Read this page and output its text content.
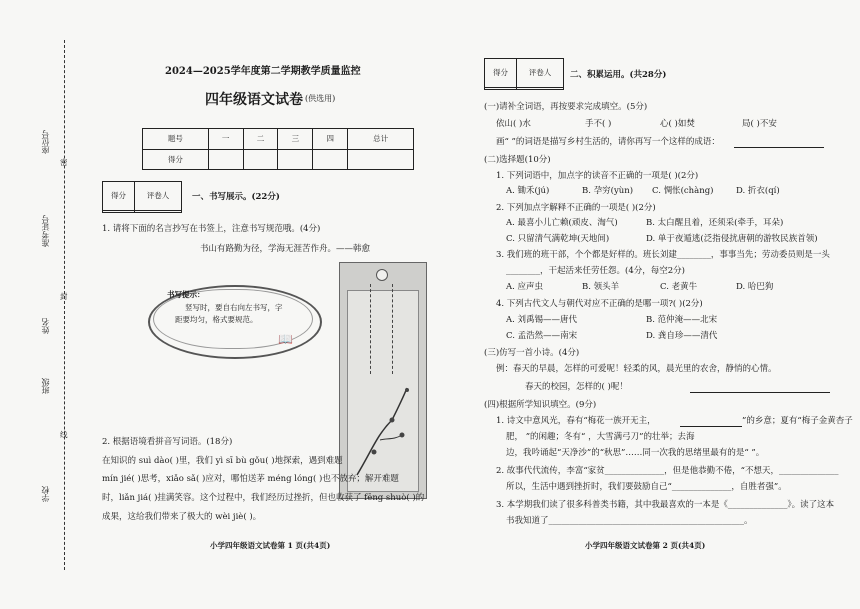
座位号
准考证号
姓名
班级
学校
密
封
线
2024—2025学年度第二学期教学质量监控
四年级语文试卷 (供选用)
题号	一	二	三	四	总计
得分					
得分	评卷人
		一、书写展示。(22分)
1. 请将下面的名言抄写在书签上，注意书写规范哦。(4分)
书山有路勤为径，学海无涯苦作舟。——韩愈
书写提示：
竖写时，要自右向左书写，字
距要均匀，格式要规范。
📖
2. 根据语境看拼音写词语。(18分)
在知识的 suì dào( )里，我们 yì sī bù gǒu( )地探索，遇到难题
mín jié( )思考，xiǎo sǎ( )应对，哪怕送茅 méng lóng( )也不放弃；解开难题
时，liǎn jiá( )挂满笑容。这个过程中，我们经历过挫折，但也收获了 fēng shuò( )的
成果，这给我们带来了极大的 wèi jiè( )。
小学四年级语文试卷第 1 页(共4页)
得分	评卷人
	二、积累运用。(共28分)
(一)请补全词语，再按要求完成填空。(5分)
依山( )水	手不( )	心( )如焚	局( )不安
画“ ”的词语是描写乡村生活的，请你再写一个这样的成语：
(二)选择题(10分)
1. 下列词语中，加点字的读音不正确的一项是( )(2分)
A. 锄禾(jú)	B. 孕穷(yùn) C. 惆怅(chàng)	D. 折衣(qí)
2. 下列加点字解释不正确的一项是( )(2分)
A. 最喜小儿亡赖(顽皮、淘气)	B. 太白醒且着，还须采(牵手，耳朵)
C. 只留清气满乾坤(天地间)	D. 单于夜遁逃(泛指侵扰唐朝的游牧民族首领)
3. 我们班的班干部，个个都是好样的。班长刘建________，事事当先；劳动委员则是一头
________，干起活来任劳任怨。(4分，每空2分)
A. 应声虫	B. 领头羊	C. 老黄牛	D. 哈巴狗
4. 下列古代文人与朝代对应不正确的是哪一项?( )(2分)
A. 刘禹锡——唐代	B. 范仲淹——北宋
C. 孟浩然——南宋	D. 龚自珍——清代
(三)仿写一首小诗。(4分)
例：春天的早晨，怎样的可爱呢！轻柔的风，晨光里的农舍，静悄的心情。
春天的校园，怎样的( )呢！
(四)根据所学知识填空。(9分)
1. 诗文中意风光，春有“梅花一族开无主，	”的乡意；夏有“梅子金黄杏子
肥， ”的闲趣；冬有“ ，大雪满弓刀”的壮举；去海
边，我吟诵起“天净沙”的“秋思”……同一次我的思绪里最有的是“ ”。
2. 故事代代流传，李富“家贫______________，但是他恭勤不倦，“不想天，______________
所以，生活中遇到挫折时，我们要鼓励自己“______________，自胜者强”。
3. 本学期我们读了很多科普类书籍，其中我最喜欢的一本是《______________》。读了这本
书我知道了______________________________________________。
小学四年级语文试卷第 2 页(共4页)
